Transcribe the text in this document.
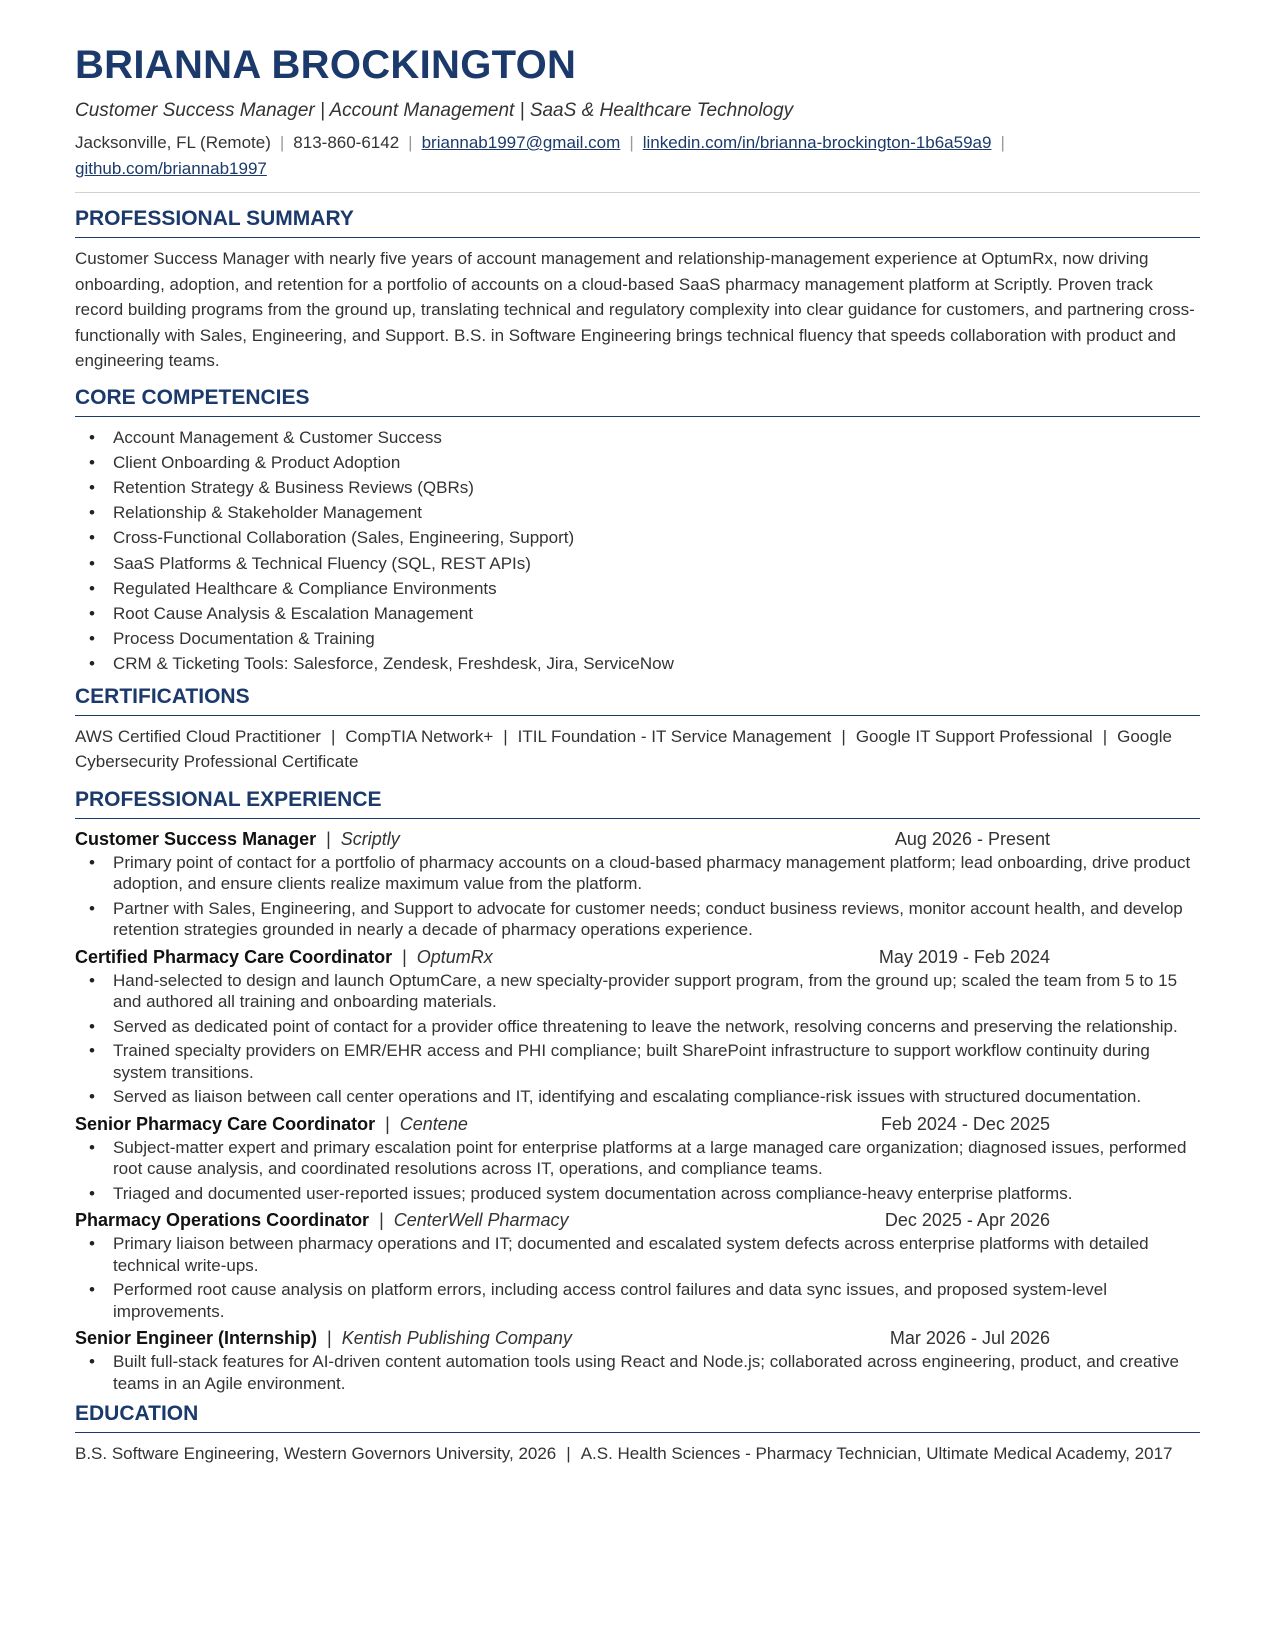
BRIANNA BROCKINGTON
Customer Success Manager | Account Management | SaaS & Healthcare Technology
Jacksonville, FL (Remote) | 813-860-6142 | briannab1997@gmail.com | linkedin.com/in/brianna-brockington-1b6a59a9 |
github.com/briannab1997
PROFESSIONAL SUMMARY

Customer Success Manager with nearly five years of account management and relationship-management experience at OptumRx, now driving onboarding, adoption, and retention for a portfolio of accounts on a cloud-based SaaS pharmacy management platform at Scriptly. Proven track record building programs from the ground up, translating technical and regulatory complexity into clear guidance for customers, and partnering cross-functionally with Sales, Engineering, and Support. B.S. in Software Engineering brings technical fluency that speeds collaboration with product and engineering teams.

CORE COMPETENCIES
• Account Management & Customer Success
• Client Onboarding & Product Adoption
• Retention Strategy & Business Reviews (QBRs)
• Relationship & Stakeholder Management
• Cross-Functional Collaboration (Sales, Engineering, Support)
• SaaS Platforms & Technical Fluency (SQL, REST APIs)
• Regulated Healthcare & Compliance Environments
• Root Cause Analysis & Escalation Management
• Process Documentation & Training
• CRM & Ticketing Tools: Salesforce, Zendesk, Freshdesk, Jira, ServiceNow
CERTIFICATIONS
AWS Certified Cloud Practitioner | CompTIA Network+ | ITIL Foundation - IT Service Management | Google IT Support Professional | Google Cybersecurity Professional Certificate
PROFESSIONAL EXPERIENCE
Customer Success Manager | Scriptly	Aug 2026 - Present
• Primary point of contact for a portfolio of pharmacy accounts on a cloud-based pharmacy management platform; lead onboarding, drive product adoption, and ensure clients realize maximum value from the platform.
• Partner with Sales, Engineering, and Support to advocate for customer needs; conduct business reviews, monitor account health, and develop retention strategies grounded in nearly a decade of pharmacy operations experience.
Certified Pharmacy Care Coordinator | OptumRx	May 2019 - Feb 2024
• Hand-selected to design and launch OptumCare, a new specialty-provider support program, from the ground up; scaled the team from 5 to 15 and authored all training and onboarding materials.
• Served as dedicated point of contact for a provider office threatening to leave the network, resolving concerns and preserving the relationship.
• Trained specialty providers on EMR/EHR access and PHI compliance; built SharePoint infrastructure to support workflow continuity during system transitions.
• Served as liaison between call center operations and IT, identifying and escalating compliance-risk issues with structured documentation.
Senior Pharmacy Care Coordinator | Centene	Feb 2024 - Dec 2025
• Subject-matter expert and primary escalation point for enterprise platforms at a large managed care organization; diagnosed issues, performed root cause analysis, and coordinated resolutions across IT, operations, and compliance teams.
• Triaged and documented user-reported issues; produced system documentation across compliance-heavy enterprise platforms.
Pharmacy Operations Coordinator | CenterWell Pharmacy	Dec 2025 - Apr 2026
• Primary liaison between pharmacy operations and IT; documented and escalated system defects across enterprise platforms with detailed technical write-ups.
• Performed root cause analysis on platform errors, including access control failures and data sync issues, and proposed system-level improvements.
Senior Engineer (Internship) | Kentish Publishing Company	Mar 2026 - Jul 2026
• Built full-stack features for AI-driven content automation tools using React and Node.js; collaborated across engineering, product, and creative teams in an Agile environment.
EDUCATION
B.S. Software Engineering, Western Governors University, 2026 | A.S. Health Sciences - Pharmacy Technician, Ultimate Medical Academy, 2017
